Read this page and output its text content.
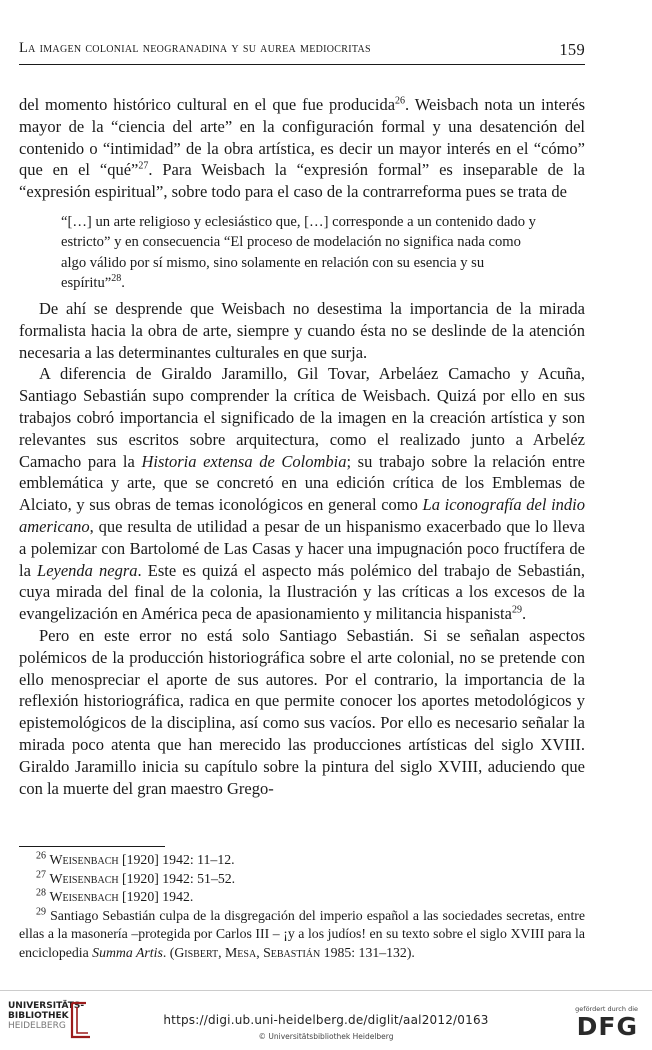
La imagen colonial neogranadina y su aurea mediocritas	159

del momento histórico cultural en el que fue producida$^{26}$. Weisbach nota un interés mayor de la “ciencia del arte” en la configuración formal y una desatención del contenido o “intimidad” de la obra artística, es decir un mayor interés en el “cómo” que en el “qué”$^{27}$. Para Weisbach la “expresión formal” es inseparable de la “expresión espiritual”, sobre todo para el caso de la contrarreforma pues se trata de

“[…] un arte religioso y eclesiástico que, […] corresponde a un contenido dado y estricto” y en consecuencia “El proceso de modelación no significa nada como algo válido por sí mismo, sino solamente en relación con su esencia y su espíritu”$^{28}$.

De ahí se desprende que Weisbach no desestima la importancia de la mirada formalista hacia la obra de arte, siempre y cuando ésta no se deslinde de la atención necesaria a las determinantes culturales en que surja.

A diferencia de Giraldo Jaramillo, Gil Tovar, Arbeláez Camacho y Acuña, Santiago Sebastián supo comprender la crítica de Weisbach. Quizá por ello en sus trabajos cobró importancia el significado de la imagen en la creación artística y son relevantes sus escritos sobre arquitectura, como el realizado junto a Arbeléz Camacho para la Historia extensa de Colombia; su trabajo sobre la relación entre emblemática y arte, que se concretó en una edición crítica de los Emblemas de Alciato, y sus obras de temas iconológicos en general como La iconografía del indio americano, que resulta de utilidad a pesar de un hispanismo exacerbado que lo lleva a polemizar con Bartolomé de Las Casas y hacer una impugnación poco fructífera de la Leyenda negra. Este es quizá el aspecto más polémico del trabajo de Sebastián, cuya mirada del final de la colonia, la Ilustración y las críticas a los excesos de la evangelización en América peca de apasionamiento y militancia hispanista$^{29}$.

Pero en este error no está solo Santiago Sebastián. Si se señalan aspectos polémicos de la producción historiográfica sobre el arte colonial, no se pretende con ello menospreciar el aporte de sus autores. Por el contrario, la importancia de la reflexión historiográfica, radica en que permite conocer los aportes metodológicos y epistemológicos de la disciplina, así como sus vacíos. Por ello es necesario señalar la mirada poco atenta que han merecido las producciones artísticas del siglo XVIII. Giraldo Jaramillo inicia su capítulo sobre la pintura del siglo XVIII, aduciendo que con la muerte del gran maestro Grego-

$^{26}$ Weisenbach [1920] 1942: 11–12.

$^{27}$ Weisenbach [1920] 1942: 51–52.

$^{28}$ Weisenbach [1920] 1942.

$^{29}$ Santiago Sebastián culpa de la disgregación del imperio español a las sociedades secretas, entre ellas a la masonería –protegida por Carlos III – ¡y a los judíos! en su texto sobre el siglo XVIII para la enciclopedia Summa Artis. (Gisbert, Mesa, Sebastián 1985: 131–132).

UNIVERSITÄTS-
BIBLIOTHEK
HEIDELBERG	https://digi.ub.uni-heidelberg.de/diglit/aal2012/0163
© Universitätsbibliothek Heidelberg
gefördert durch die
DFG
